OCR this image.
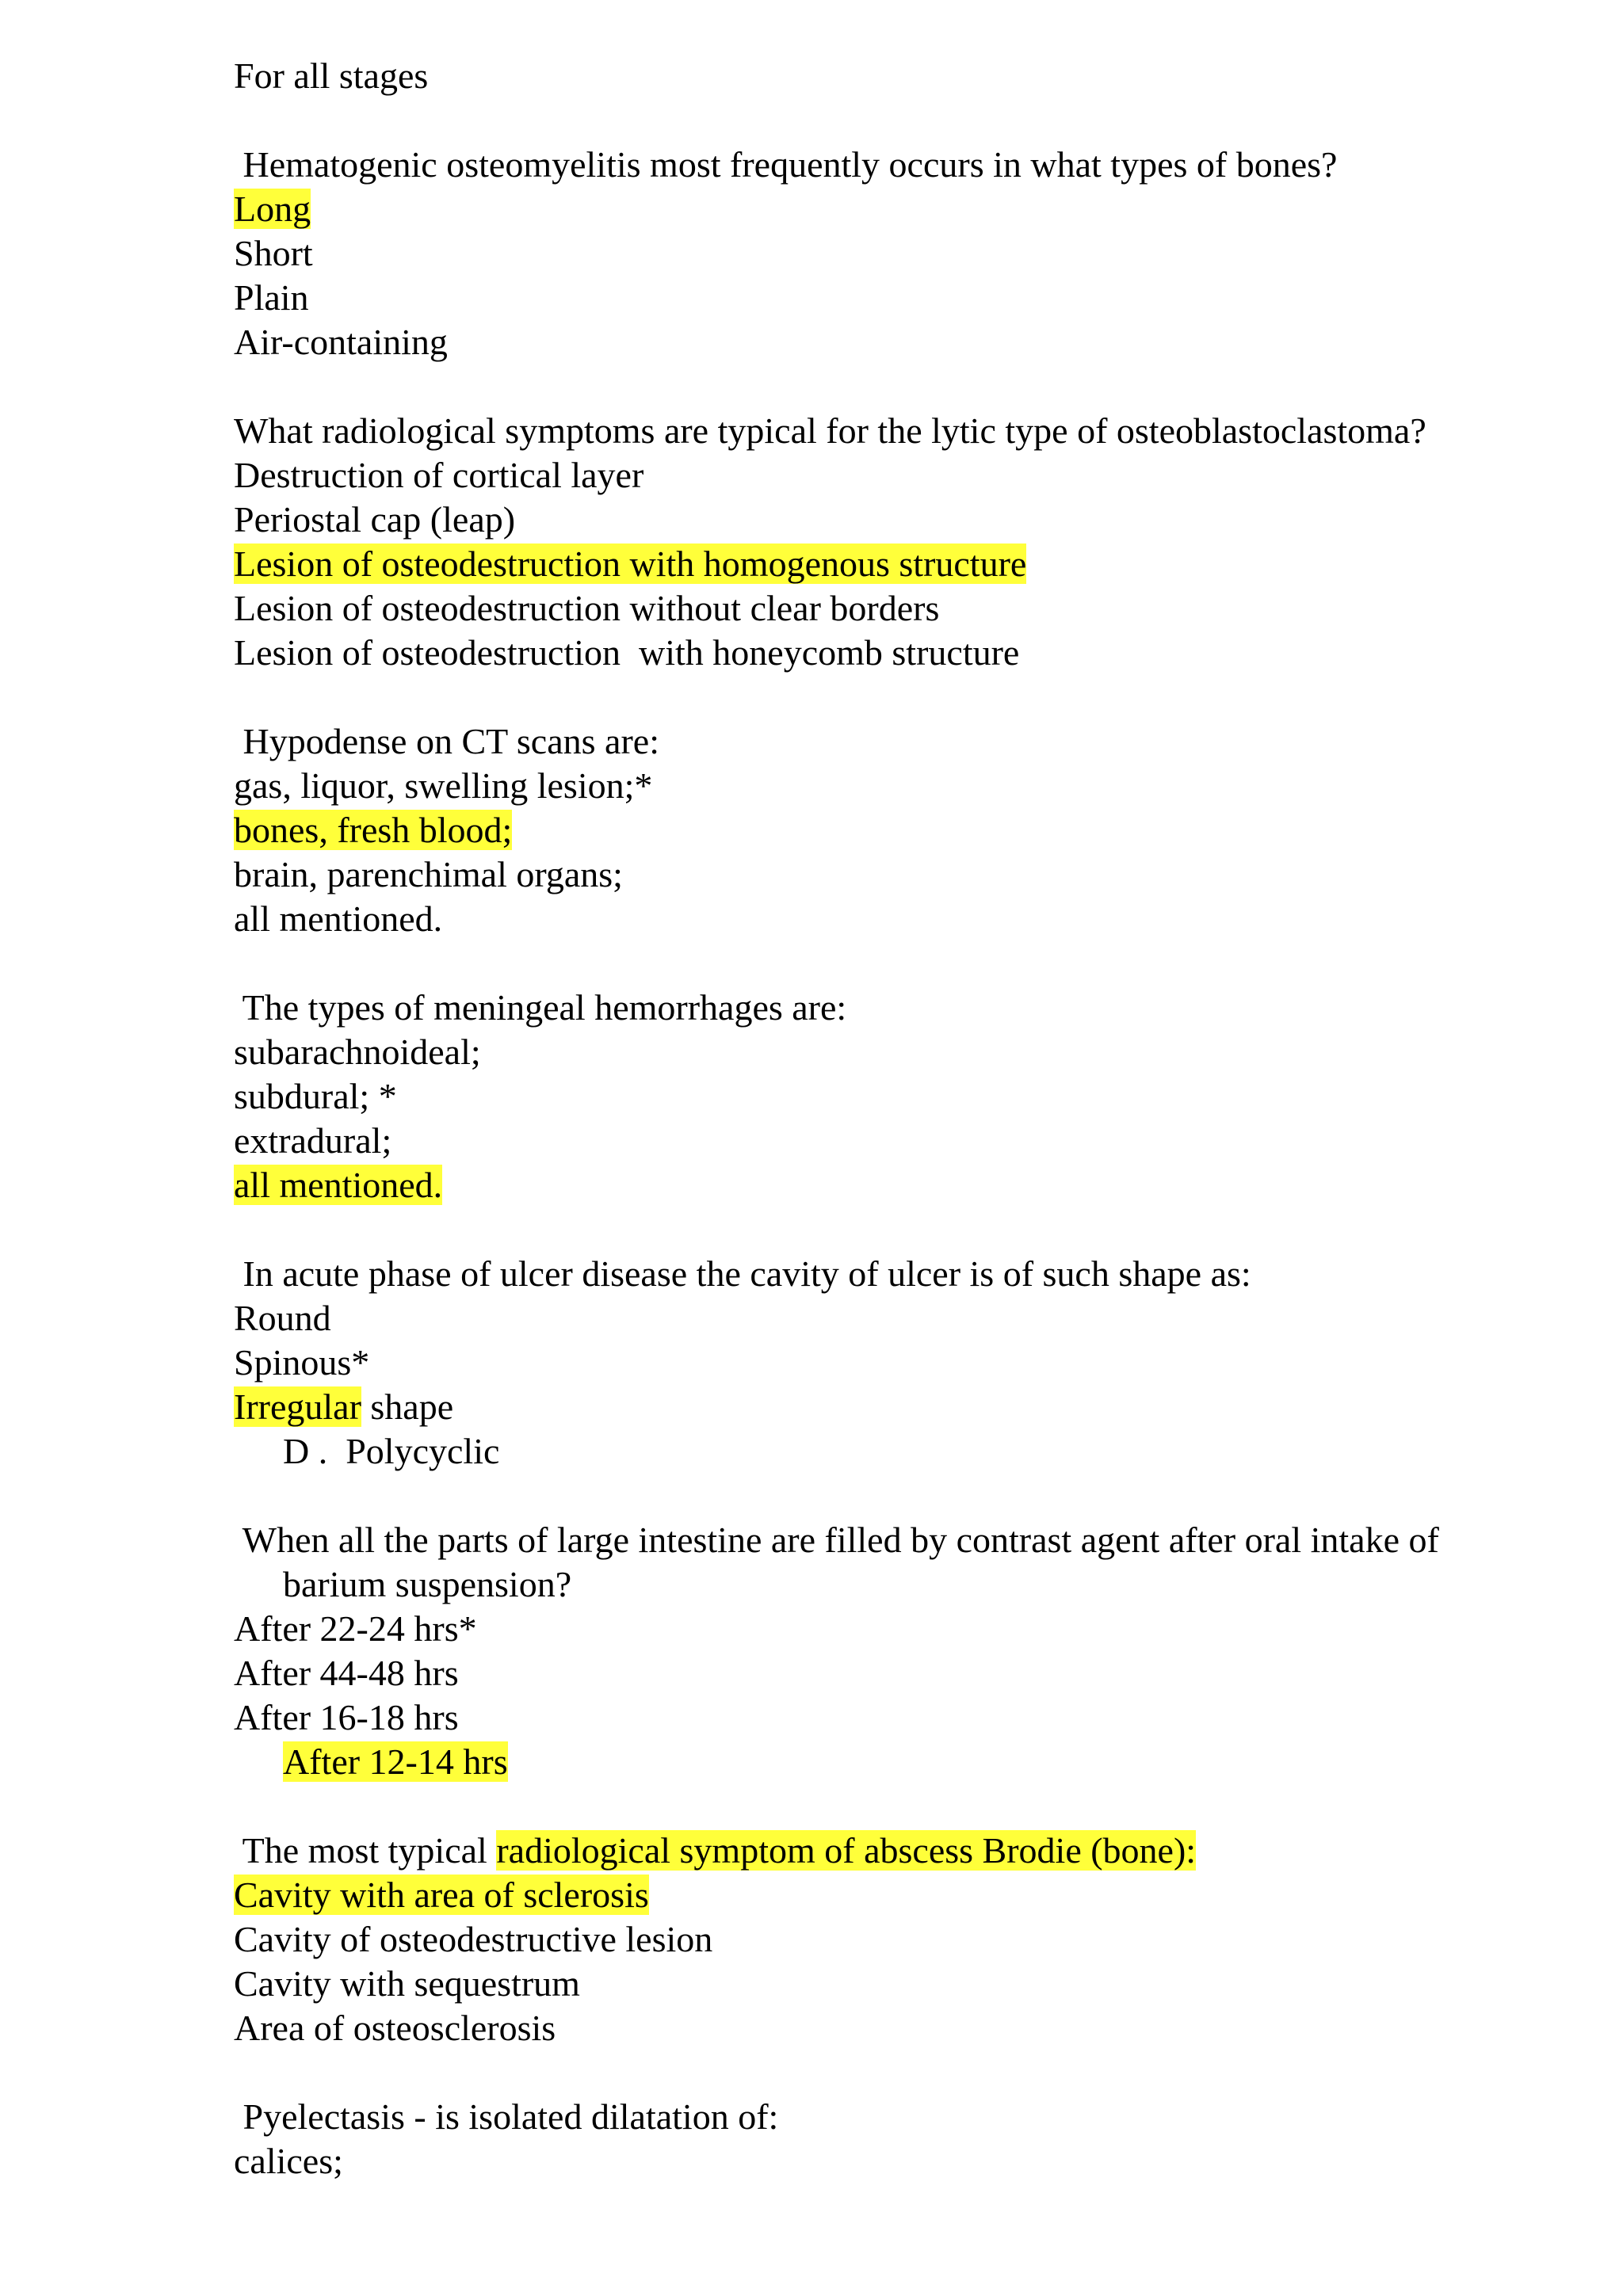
For all stages
Hematogenic osteomyelitis most frequently occurs in what types of bones?
Long
Short
Plain
Air-containing
What radiological symptoms are typical for the lytic type of osteoblastoclastoma?
Destruction of cortical layer
Periostal cap (leap)
Lesion of osteodestruction with homogenous structure
Lesion of osteodestruction without clear borders
Lesion of osteodestruction  with honeycomb structure
Hypodense on CT scans are:
gas, liquor, swelling lesion;*
bones, fresh blood;
brain, parenchimal organs;
all mentioned.
The types of meningeal hemorrhages are:
subarachnoideal;
subdural; *
extradural;
all mentioned.
In acute phase of ulcer disease the cavity of ulcer is of such shape as:
Round
Spinous*
Irregular shape
D .  Polycyclic
When all the parts of large intestine are filled by contrast agent after oral intake of
barium suspension?
After 22-24 hrs*
After 44-48 hrs
After 16-18 hrs
After 12-14 hrs
The most typical radiological symptom of abscess Brodie (bone):
Cavity with area of sclerosis
Cavity of osteodestructive lesion
Cavity with sequestrum
Area of osteosclerosis
Pyelectasis - is isolated dilatation of:
calices;
